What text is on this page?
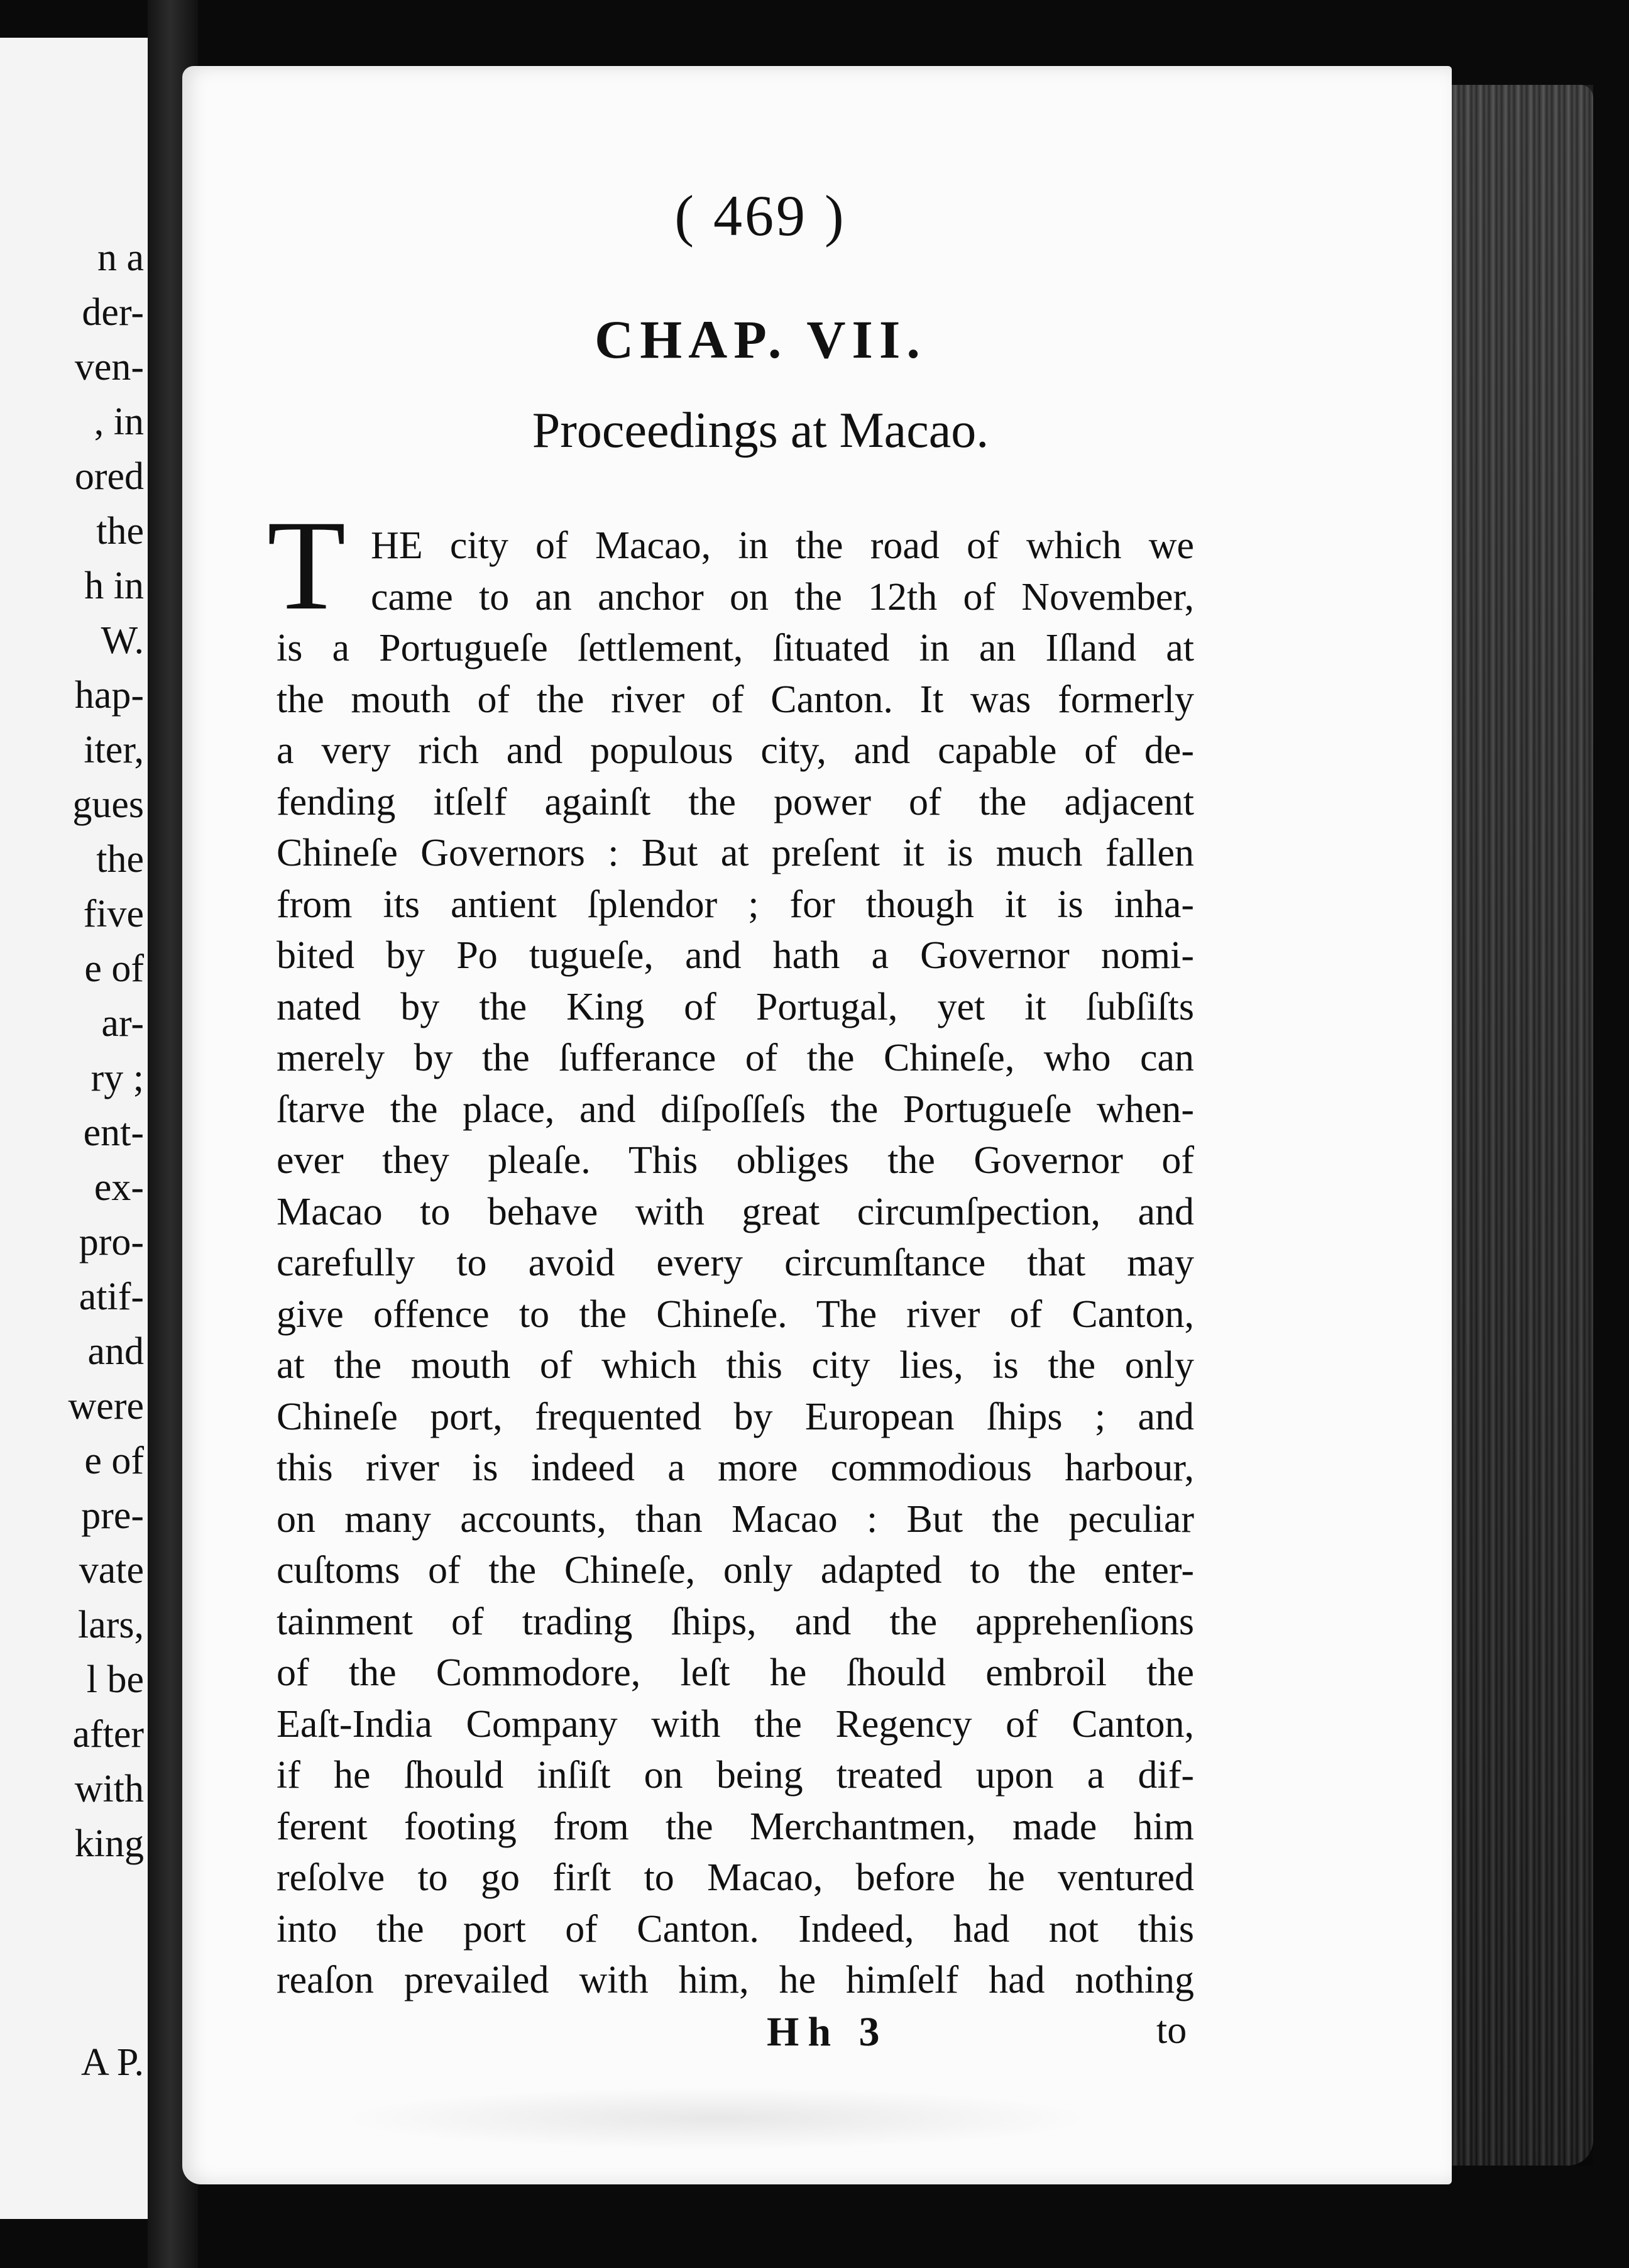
n a
der-
ven-
, in
ored
the
h in
W.
hap-
iter,
gues
the
five
e of
ar-
ry ;
ent-
ex-
pro-
atif-
and
were
e of
pre-
vate
lars,
l be
after
with
king
A P.
( 469 )
CHAP. VII.
Proceedings at Macao.
T HE city of Macao, in the road of which we
came to an anchor on the 12th of November,
is a Portugueſe ſettlement, ſituated in an Iſland at
the mouth of the river of Canton. It was formerly
a very rich and populous city, and capable of de-
fending itſelf againſt the power of the adjacent
Chineſe Governors : But at preſent it is much fallen
from its antient ſplendor ; for though it is inha-
bited by Po tugueſe, and hath a Governor nomi-
nated by the King of Portugal, yet it ſubſiſts
merely by the ſufferance of the Chineſe, who can
ſtarve the place, and diſpoſſeſs the Portugueſe when-
ever they pleaſe. This obliges the Governor of
Macao to behave with great circumſpection, and
carefully to avoid every circumſtance that may
give offence to the Chineſe. The river of Canton,
at the mouth of which this city lies, is the only
Chineſe port, frequented by European ſhips ; and
this river is indeed a more commodious harbour,
on many accounts, than Macao : But the peculiar
cuſtoms of the Chineſe, only adapted to the enter-
tainment of trading ſhips, and the apprehenſions
of the Commodore, leſt he ſhould embroil the
Eaſt-India Company with the Regency of Canton,
if he ſhould inſiſt on being treated upon a dif-
ferent footing from the Merchantmen, made him
reſolve to go firſt to Macao, before he ventured
into the port of Canton. Indeed, had not this
reaſon prevailed with him, he himſelf had nothing
Hh 3	to
